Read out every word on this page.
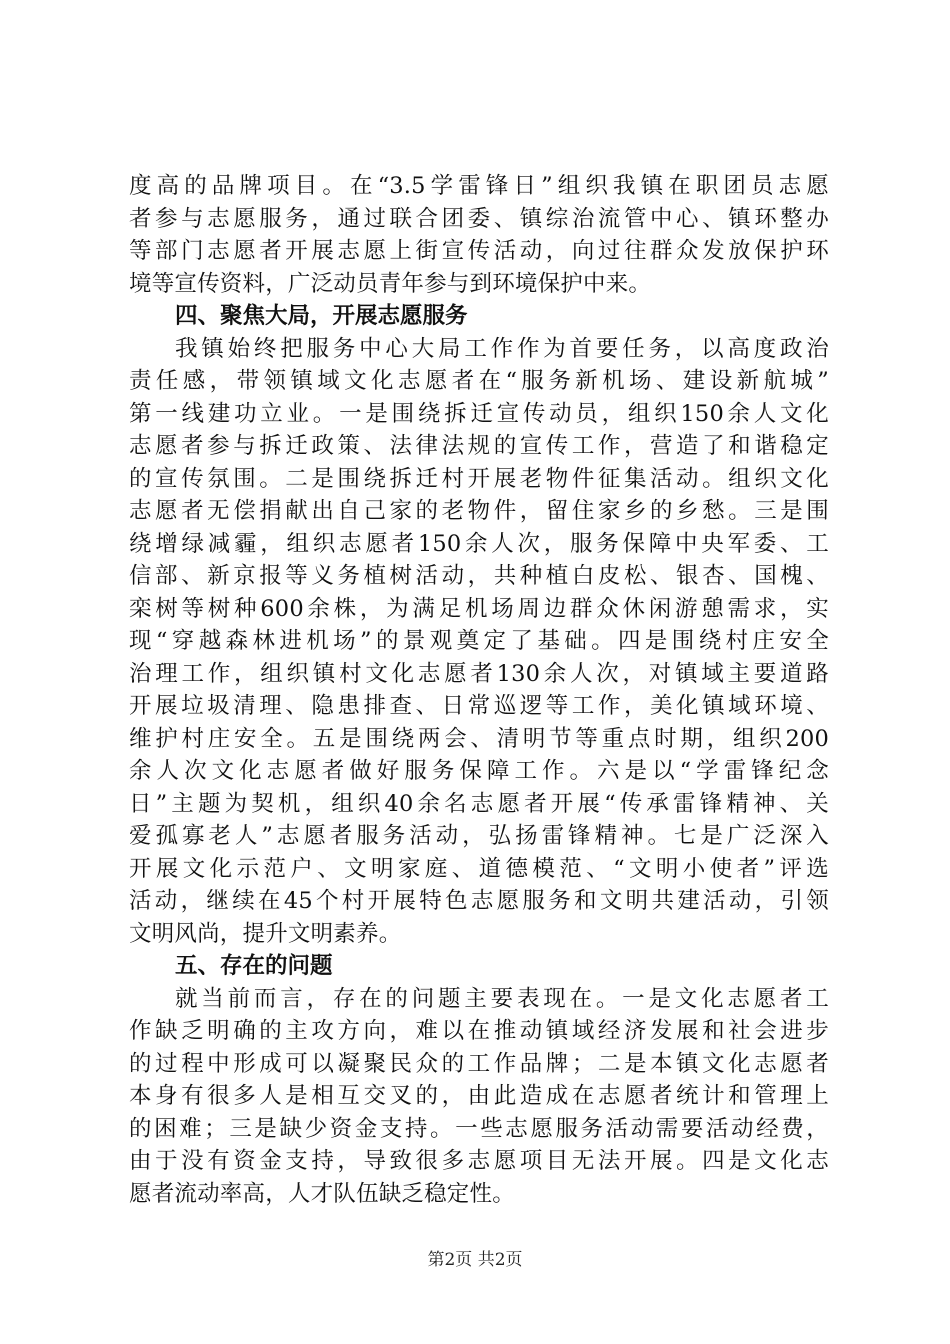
度高的品牌项目。在“3.5学雷锋日”组织我镇在职团员志愿
者参与志愿服务，通过联合团委、镇综治流管中心、镇环整办
等部门志愿者开展志愿上街宣传活动，向过往群众发放保护环
境等宣传资料，广泛动员青年参与到环境保护中来。
四、聚焦大局，开展志愿服务
我镇始终把服务中心大局工作作为首要任务，以高度政治
责任感，带领镇域文化志愿者在“服务新机场、建设新航城”
第一线建功立业。一是围绕拆迁宣传动员，组织150余人文化
志愿者参与拆迁政策、法律法规的宣传工作，营造了和谐稳定
的宣传氛围。二是围绕拆迁村开展老物件征集活动。组织文化
志愿者无偿捐献出自己家的老物件，留住家乡的乡愁。三是围
绕增绿减霾，组织志愿者150余人次，服务保障中央军委、工
信部、新京报等义务植树活动，共种植白皮松、银杏、国槐、
栾树等树种600余株，为满足机场周边群众休闲游憩需求，实
现“穿越森林进机场”的景观奠定了基础。四是围绕村庄安全
治理工作，组织镇村文化志愿者130余人次，对镇域主要道路
开展垃圾清理、隐患排查、日常巡逻等工作，美化镇域环境、
维护村庄安全。五是围绕两会、清明节等重点时期，组织200
余人次文化志愿者做好服务保障工作。六是以“学雷锋纪念
日”主题为契机，组织40余名志愿者开展“传承雷锋精神、关
爱孤寡老人”志愿者服务活动，弘扬雷锋精神。七是广泛深入
开展文化示范户、文明家庭、道德模范、“文明小使者”评选
活动，继续在45个村开展特色志愿服务和文明共建活动，引领
文明风尚，提升文明素养。
五、存在的问题
就当前而言，存在的问题主要表现在。一是文化志愿者工
作缺乏明确的主攻方向，难以在推动镇域经济发展和社会进步
的过程中形成可以凝聚民众的工作品牌；二是本镇文化志愿者
本身有很多人是相互交叉的，由此造成在志愿者统计和管理上
的困难；三是缺少资金支持。一些志愿服务活动需要活动经费，
由于没有资金支持，导致很多志愿项目无法开展。四是文化志
愿者流动率高，人才队伍缺乏稳定性。
第2页 共2页
